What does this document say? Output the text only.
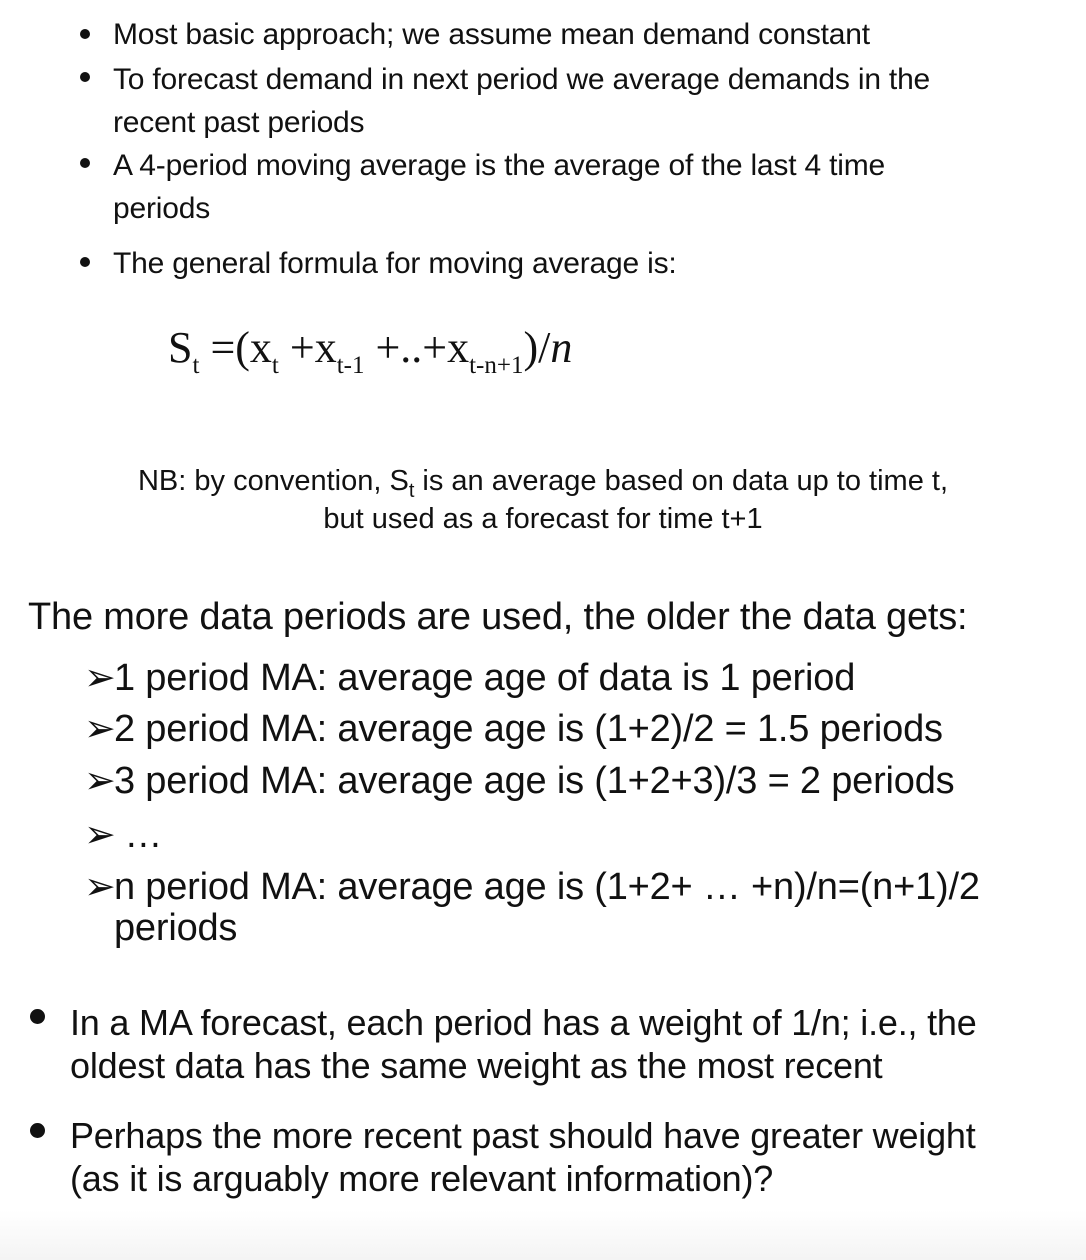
Most basic approach; we assume mean demand constant
To forecast demand in next period we average demands in the
recent past periods
A 4-period moving average is the average of the last 4 time
periods
The general formula for moving average is:
$S_t =(x_t +x_{t-1} +..+x_{t-n+1})/n$
NB: by convention, $S_t$ is an average based on data up to time t,
but used as a forecast for time t+1
The more data periods are used, the older the data gets:
➢1 period MA: average age of data is 1 period
➢2 period MA: average age is (1+2)/2 = 1.5 periods
➢3 period MA: average age is (1+2+3)/3 = 2 periods
➢ …
➢n period MA: average age is (1+2+ … +n)/n=(n+1)/2
periods
In a MA forecast, each period has a weight of 1/n; i.e., the
oldest data has the same weight as the most recent
Perhaps the more recent past should have greater weight
(as it is arguably more relevant information)?
